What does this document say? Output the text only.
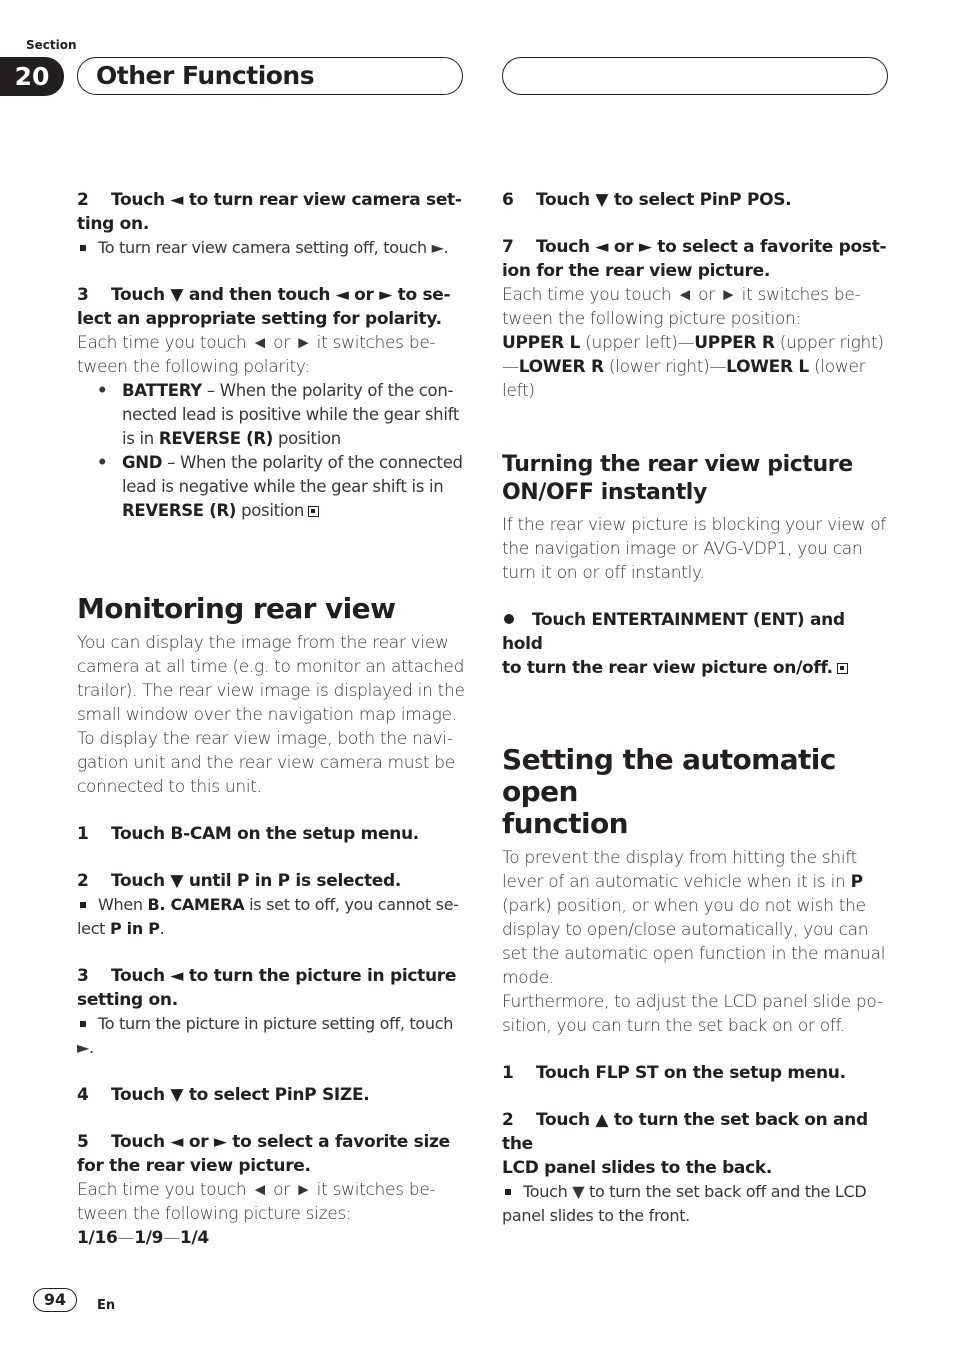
Section
20	Other Functions

2 Touch ◄ to turn rear view camera set-
ting on.

To turn rear view camera setting off, touch ►.

3 Touch ▼ and then touch ◄ or ► to se-
lect an appropriate setting for polarity.

Each time you touch ◄ or ► it switches be-
tween the following polarity:

• BATTERY – When the polarity of the con-
nected lead is positive while the gear shift
is in REVERSE (R) position
• GND – When the polarity of the connected
lead is negative while the gear shift is in
REVERSE (R) position
Monitoring rear view

You can display the image from the rear view
camera at all time (e.g. to monitor an attached
trailor). The rear view image is displayed in the
small window over the navigation map image.
To display the rear view image, both the navi-
gation unit and the rear view camera must be
connected to this unit.

1 Touch B-CAM on the setup menu.

2 Touch ▼ until P in P is selected.

When B. CAMERA is set to off, you cannot se-
lect P in P.

3 Touch ◄ to turn the picture in picture
setting on.

To turn the picture in picture setting off, touch
►.

4 Touch ▼ to select PinP SIZE.

5 Touch ◄ or ► to select a favorite size
for the rear view picture.

Each time you touch ◄ or ► it switches be-
tween the following picture sizes:
1/16—1/9—1/4

6 Touch ▼ to select PinP POS.

7 Touch ◄ or ► to select a favorite post-
ion for the rear view picture.

Each time you touch ◄ or ► it switches be-
tween the following picture position:
UPPER L (upper left)—UPPER R (upper right)
—LOWER R (lower right)—LOWER L (lower
left)

Turning the rear view picture
ON/OFF instantly

If the rear view picture is blocking your view of
the navigation image or AVG-VDP1, you can
turn it on or off instantly.

Touch ENTERTAINMENT (ENT) and hold
to turn the rear view picture on/off.

Setting the automatic open
function

To prevent the display from hitting the shift
lever of an automatic vehicle when it is in P
(park) position, or when you do not wish the
display to open/close automatically, you can
set the automatic open function in the manual
mode.
Furthermore, to adjust the LCD panel slide po-
sition, you can turn the set back on or off.

1 Touch FLP ST on the setup menu.

2 Touch ▲ to turn the set back on and the
LCD panel slides to the back.

Touch ▼ to turn the set back off and the LCD
panel slides to the front.

94	En
